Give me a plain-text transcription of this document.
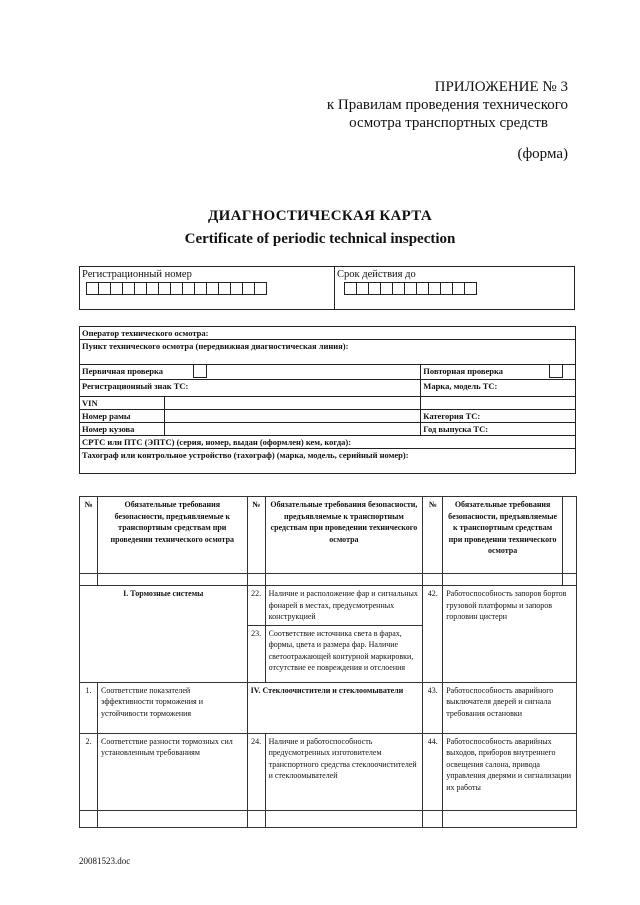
ПРИЛОЖЕНИЕ № 3
к Правилам проведения технического
осмотра транспортных средств
(форма)
ДИАГНОСТИЧЕСКАЯ КАРТА
Certificate of periodic technical inspection
Регистрационный номер	Срок действия до
Оператор технического осмотра:		
Пункт технического осмотра (передвижная диагностическая линия):		
Первичная проверка		Повторная проверка
Регистрационный знак ТС:		Марка, модель ТС:
VIN		
Номер рамы		Категория ТС:
Номер кузова		Год выпуска ТС:
СРТС или ПТС (ЭПТС) (серия, номер, выдан (оформлен) кем, когда):		
Тахограф или контрольное устройство (тахограф) (марка, модель, серийный номер):		
№	Обязательные требования безопасности, предъявляемые к транспортным средствам при проведении технического осмотра	№	Обязательные требования безопасности, предъявляемые к транспортным средствам при проведении технического осмотра	№	Обязательные требования безопасности, предъявляемые к транспортным средствам при проведении технического осмотра	

I. Тормозные системы		22.	Наличие и расположение фар и сигнальных фонарей в местах, предусмотренных конструкцией	42.	Работоспособность запоров бортов грузовой платформы и запоров горловин цистерн	
		23.	Соответствие источника света в фарах, формы, цвета и размера фар. Наличие светоотражающей контурной маркировки, отсутствие ее повреждения и отслоения			
1.	Соответствие показателей эффективности торможения и устойчивости торможения	IV. Стеклоочистители и стеклоомыватели		43.	Работоспособность аварийного выключателя дверей и сигнала требования остановки	
2.	Соответствие разности тормозных сил установленным требованиям	24.	Наличие и работоспособность предусмотренных изготовителем транспортного средства стеклоочистителей и стеклоомывателей	44.	Работоспособность аварийных выходов, приборов внутреннего освещения салона, привода управления дверями и сигнализации их работы	

20081523.doc
